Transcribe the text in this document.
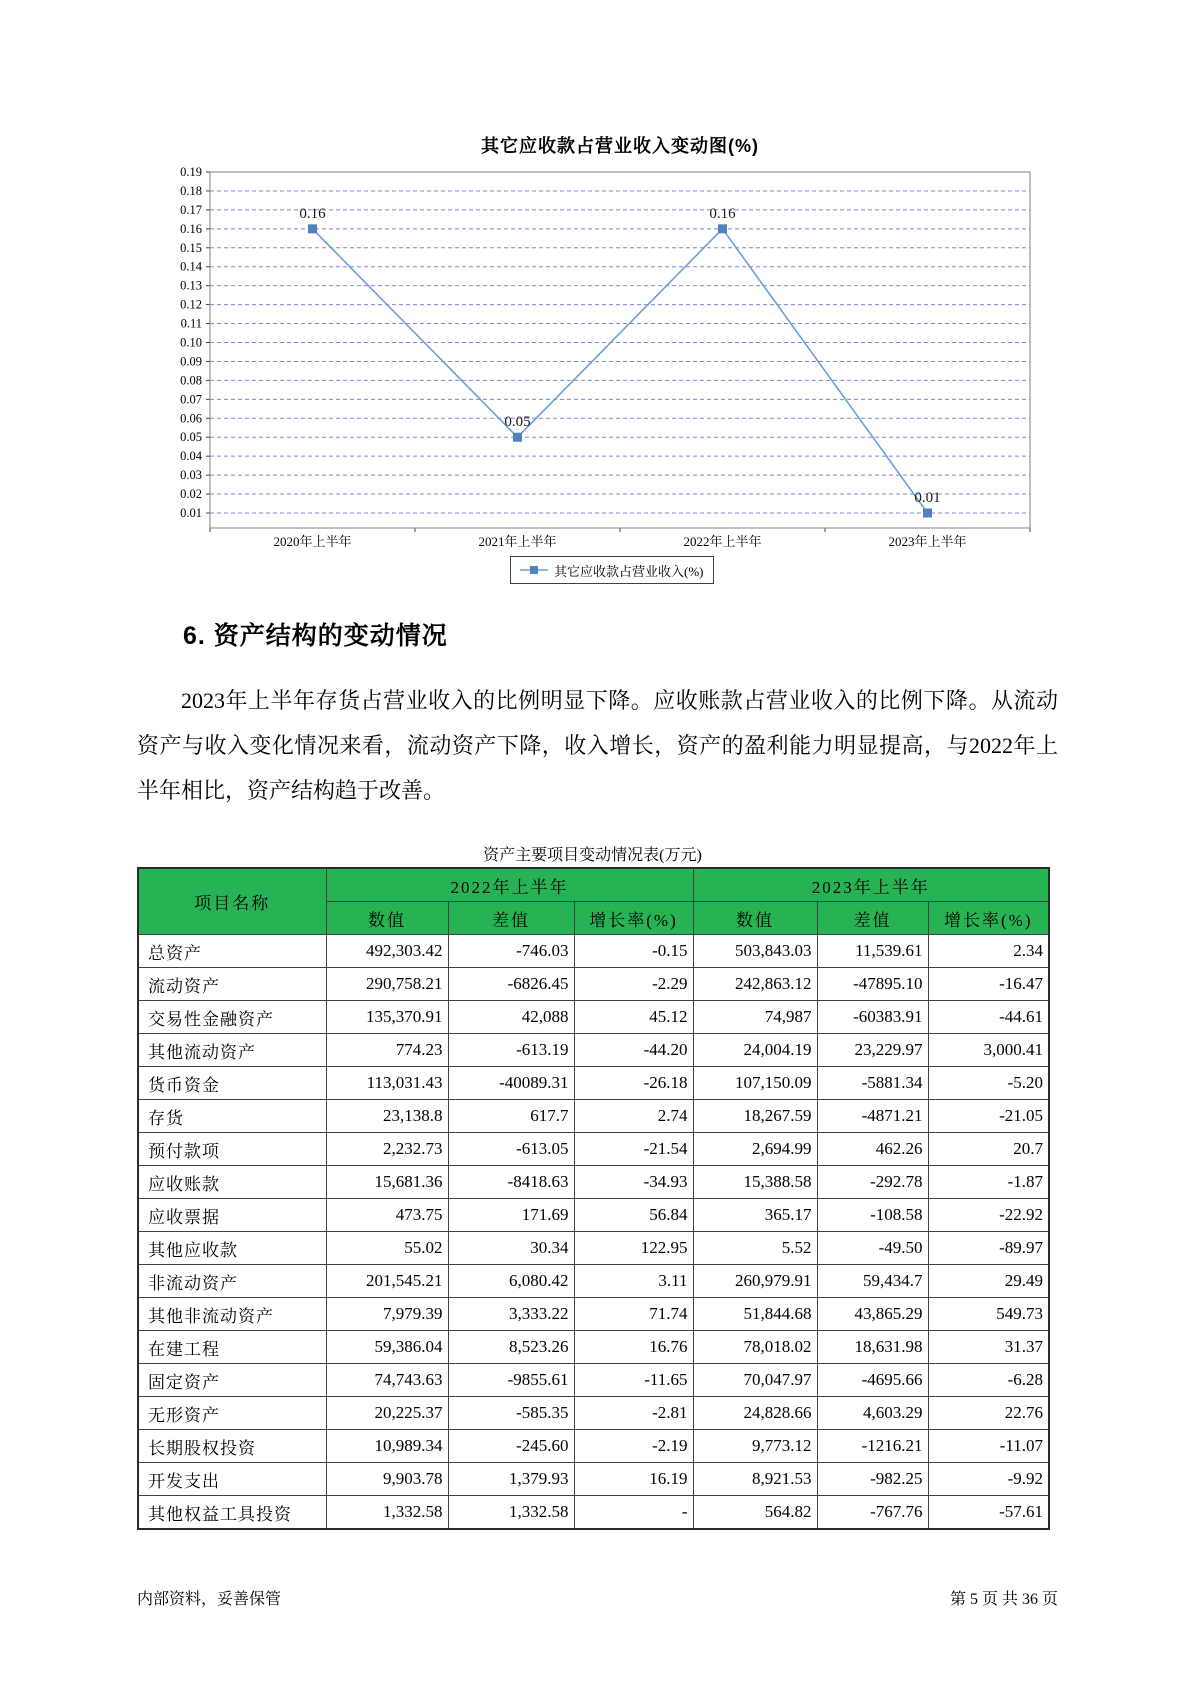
0.01
0.02
0.03
0.04
0.05
0.06
0.07
0.08
0.09
0.10
0.11
0.12
0.13
0.14
0.15
0.16
0.17
0.18
0.19
2020年上半年	2021年上半年	2022年上半年	2023年上半年
0.16
0.05
0.16
0.01
其它应收款占营业收入变动图(%)
其它应收款占营业收入(%)
6. 资产结构的变动情况

2023年上半年存货占营业收入的比例明显下降。应收账款占营业收入的比例下降。从流动资产与收入变化情况来看，流动资产下降，收入增长，资产的盈利能力明显提高，与2022年上半年相比，资产结构趋于改善。

资产主要项目变动情况表(万元)

项目名称	2022年上半年			2023年上半年		
	数值	差值	增长率(%)	数值	差值	增长率(%)
总资产	492,303.42	-746.03	-0.15	503,843.03	11,539.61	2.34
流动资产	290,758.21	-6826.45	-2.29	242,863.12	-47895.10	-16.47
交易性金融资产	135,370.91	42,088	45.12	74,987	-60383.91	-44.61
其他流动资产	774.23	-613.19	-44.20	24,004.19	23,229.97	3,000.41
货币资金	113,031.43	-40089.31	-26.18	107,150.09	-5881.34	-5.20
存货	23,138.8	617.7	2.74	18,267.59	-4871.21	-21.05
预付款项	2,232.73	-613.05	-21.54	2,694.99	462.26	20.7
应收账款	15,681.36	-8418.63	-34.93	15,388.58	-292.78	-1.87
应收票据	473.75	171.69	56.84	365.17	-108.58	-22.92
其他应收款	55.02	30.34	122.95	5.52	-49.50	-89.97
非流动资产	201,545.21	6,080.42	3.11	260,979.91	59,434.7	29.49
其他非流动资产	7,979.39	3,333.22	71.74	51,844.68	43,865.29	549.73
在建工程	59,386.04	8,523.26	16.76	78,018.02	18,631.98	31.37
固定资产	74,743.63	-9855.61	-11.65	70,047.97	-4695.66	-6.28
无形资产	20,225.37	-585.35	-2.81	24,828.66	4,603.29	22.76
长期股权投资	10,989.34	-245.60	-2.19	9,773.12	-1216.21	-11.07
开发支出	9,903.78	1,379.93	16.19	8,921.53	-982.25	-9.92
其他权益工具投资	1,332.58	1,332.58	-	564.82	-767.76	-57.61
内部资料，妥善保管	第 5 页 共 36 页
